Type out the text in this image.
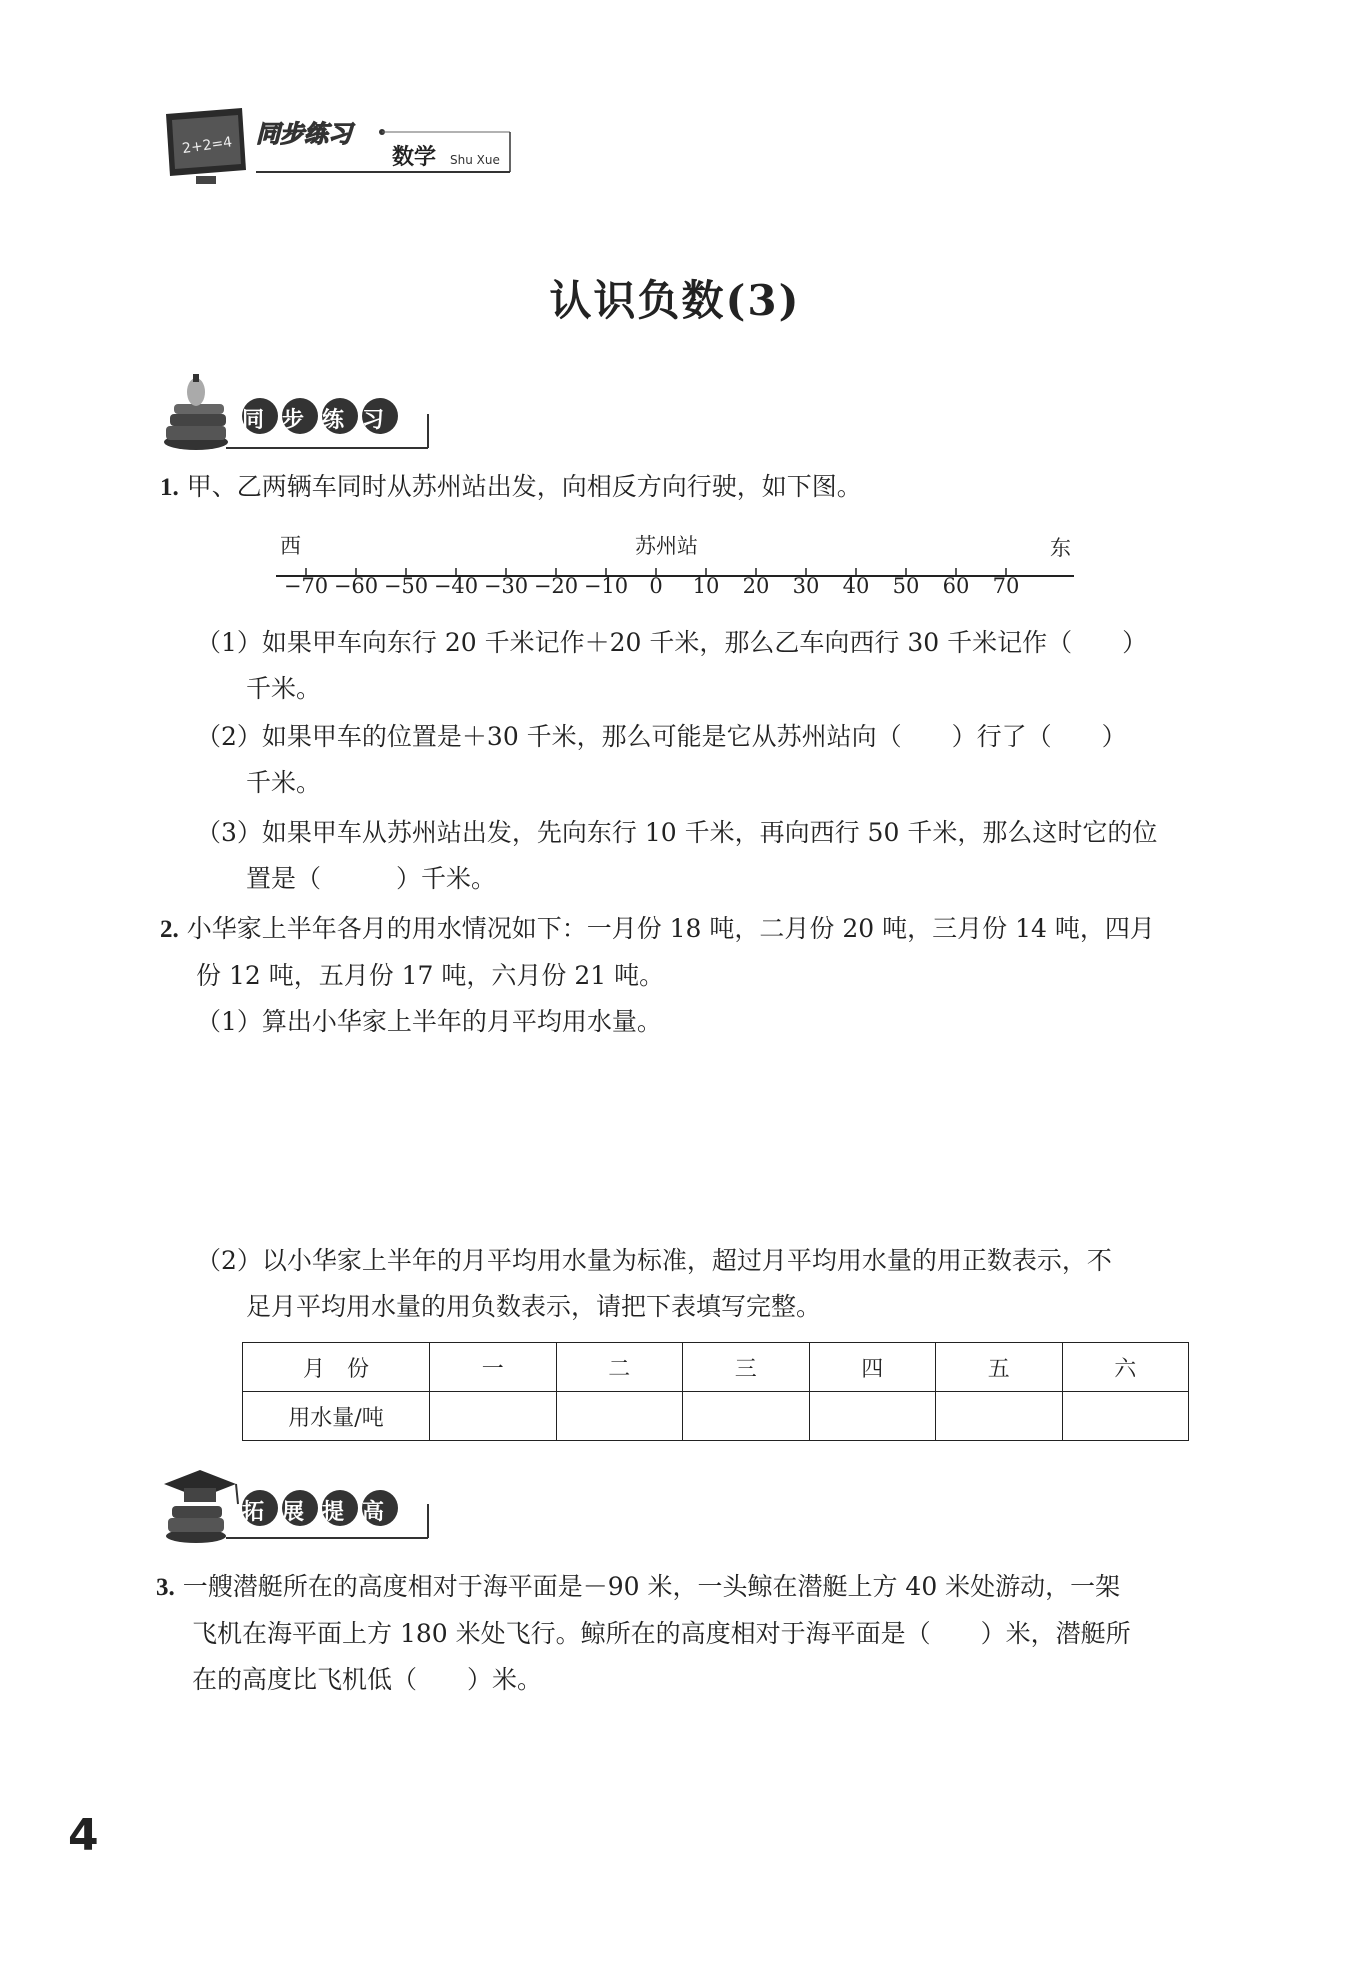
2+2=4 同步练习
数学 Shu Xue
认识负数(3)
同步练习
1. 甲、乙两辆车同时从苏州站出发，向相反方向行驶，如下图。
西	苏州站	东
−70 −60 −50 −40 −30 −20 −10	0	10	20	30	40	50	60	70
（1）如果甲车向东行 20 千米记作＋20 千米，那么乙车向西行 30 千米记作（　　）
千米。
（2）如果甲车的位置是＋30 千米，那么可能是它从苏州站向（　　）行了（　　）
千米。
（3）如果甲车从苏州站出发，先向东行 10 千米，再向西行 50 千米，那么这时它的位
置是（　　　）千米。
2. 小华家上半年各月的用水情况如下：一月份 18 吨，二月份 20 吨，三月份 14 吨，四月
份 12 吨，五月份 17 吨，六月份 21 吨。
（1）算出小华家上半年的月平均用水量。
（2）以小华家上半年的月平均用水量为标准，超过月平均用水量的用正数表示，不
足月平均用水量的用负数表示，请把下表填写完整。
月　份	一	二	三	四	五	六
用水量/吨						
拓展提高
3. 一艘潜艇所在的高度相对于海平面是－90 米，一头鲸在潜艇上方 40 米处游动，一架
飞机在海平面上方 180 米处飞行。鲸所在的高度相对于海平面是（　　）米，潜艇所
在的高度比飞机低（　　）米。
4
